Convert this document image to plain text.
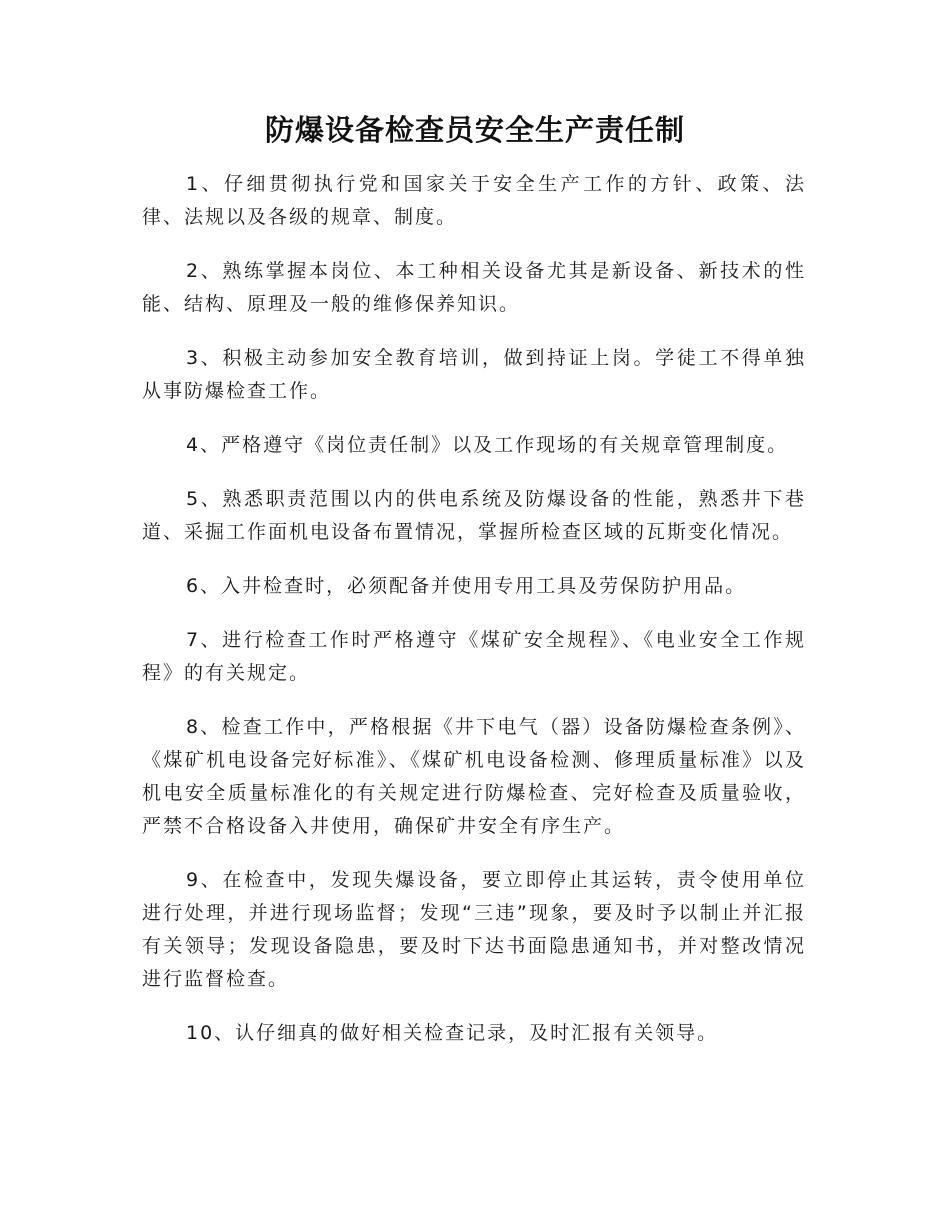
防爆设备检查员安全生产责任制

1、仔细贯彻执行党和国家关于安全生产工作的方针、政策、法律、法规以及各级的规章、制度。

2、熟练掌握本岗位、本工种相关设备尤其是新设备、新技术的性能、结构、原理及一般的维修保养知识。

3、积极主动参加安全教育培训，做到持证上岗。学徒工不得单独从事防爆检查工作。

4、严格遵守《岗位责任制》以及工作现场的有关规章管理制度。

5、熟悉职责范围以内的供电系统及防爆设备的性能，熟悉井下巷道、采掘工作面机电设备布置情况，掌握所检查区域的瓦斯变化情况。

6、入井检查时，必须配备并使用专用工具及劳保防护用品。

7、进行检查工作时严格遵守《煤矿安全规程》、《电业安全工作规程》的有关规定。

8、检查工作中，严格根据《井下电气（器）设备防爆检查条例》、《煤矿机电设备完好标准》、《煤矿机电设备检测、修理质量标准》以及机电安全质量标准化的有关规定进行防爆检查、完好检查及质量验收，严禁不合格设备入井使用，确保矿井安全有序生产。

9、在检查中，发现失爆设备，要立即停止其运转，责令使用单位进行处理，并进行现场监督；发现“三违”现象，要及时予以制止并汇报有关领导；发现设备隐患，要及时下达书面隐患通知书，并对整改情况进行监督检查。

10、认仔细真的做好相关检查记录，及时汇报有关领导。
